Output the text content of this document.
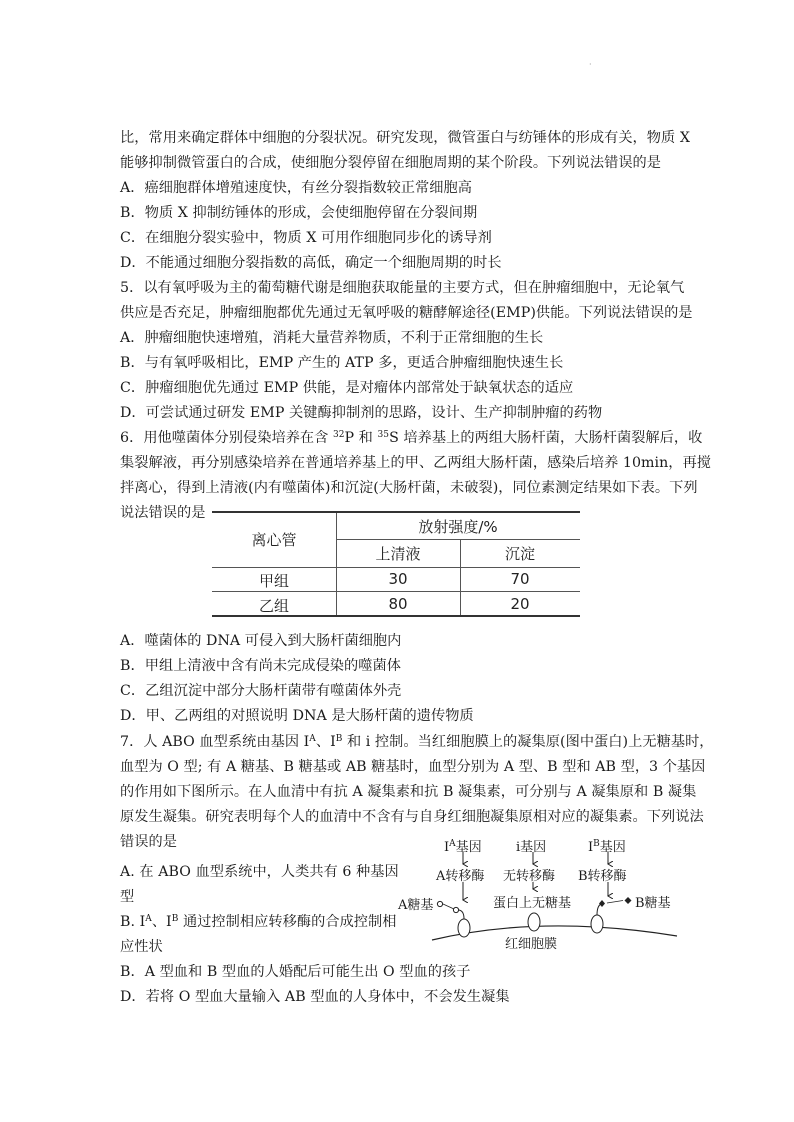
·
比，常用来确定群体中细胞的分裂状况。研究发现，微管蛋白与纺锤体的形成有关，物质 X
能够抑制微管蛋白的合成，使细胞分裂停留在细胞周期的某个阶段。下列说法错误的是
A．癌细胞群体增殖速度快，有丝分裂指数较正常细胞高
B．物质 X 抑制纺锤体的形成，会使细胞停留在分裂间期
C．在细胞分裂实验中，物质 X 可用作细胞同步化的诱导剂
D．不能通过细胞分裂指数的高低，确定一个细胞周期的时长
5．以有氧呼吸为主的葡萄糖代谢是细胞获取能量的主要方式，但在肿瘤细胞中，无论氧气
供应是否充足，肿瘤细胞都优先通过无氧呼吸的糖酵解途径(EMP)供能。下列说法错误的是
A．肿瘤细胞快速增殖，消耗大量营养物质，不利于正常细胞的生长
B．与有氧呼吸相比，EMP 产生的 ATP 多，更适合肿瘤细胞快速生长
C．肿瘤细胞优先通过 EMP 供能，是对瘤体内部常处于缺氧状态的适应
D．可尝试通过研发 EMP 关键酶抑制剂的思路，设计、生产抑制肿瘤的药物
6．用他噬菌体分别侵染培养在含 $^{32}$P 和 $^{35}$S 培养基上的两组大肠杆菌，大肠杆菌裂解后，收
集裂解液，再分别感染培养在普通培养基上的甲、乙两组大肠杆菌，感染后培养 10min，再搅
拌离心，得到上清液(内有噬菌体)和沉淀(大肠杆菌，未破裂)，同位素测定结果如下表。下列
说法错误的是
离心管
放射强度/%
上清液	沉淀
甲组	30	70
乙组	80	20
A．噬菌体的 DNA 可侵入到大肠杆菌细胞内
B．甲组上清液中含有尚未完成侵染的噬菌体
C．乙组沉淀中部分大肠杆菌带有噬菌体外壳
D．甲、乙两组的对照说明 DNA 是大肠杆菌的遗传物质
7．人 ABO 血型系统由基因 $I^A$、$I^B$ 和 i 控制。当红细胞膜上的凝集原(图中蛋白)上无糖基时，
血型为 O 型; 有 A 糖基、B 糖基或 AB 糖基时，血型分别为 A 型、B 型和 AB 型，3 个基因
的作用如下图所示。在人血清中有抗 A 凝集素和抗 B 凝集素，可分别与 A 凝集原和 B 凝集
原发生凝集。研究表明每个人的血清中不含有与自身红细胞凝集原相对应的凝集素。下列说法
错误的是
A. 在 ABO 血型系统中，人类共有 6 种基因
型
B. $I^A$、$I^B$ 通过控制相应转移酶的合成控制相
应性状
B．A 型血和 B 型血的人婚配后可能生出 O 型血的孩子
D．若将 O 型血大量输入 AB 型血的人身体中，不会发生凝集
$I^A$基因	i基因	$I^B$基因
A转移酶 无转移酶 B转移酶
A糖基	蛋白上无糖基	B糖基
红细胞膜
